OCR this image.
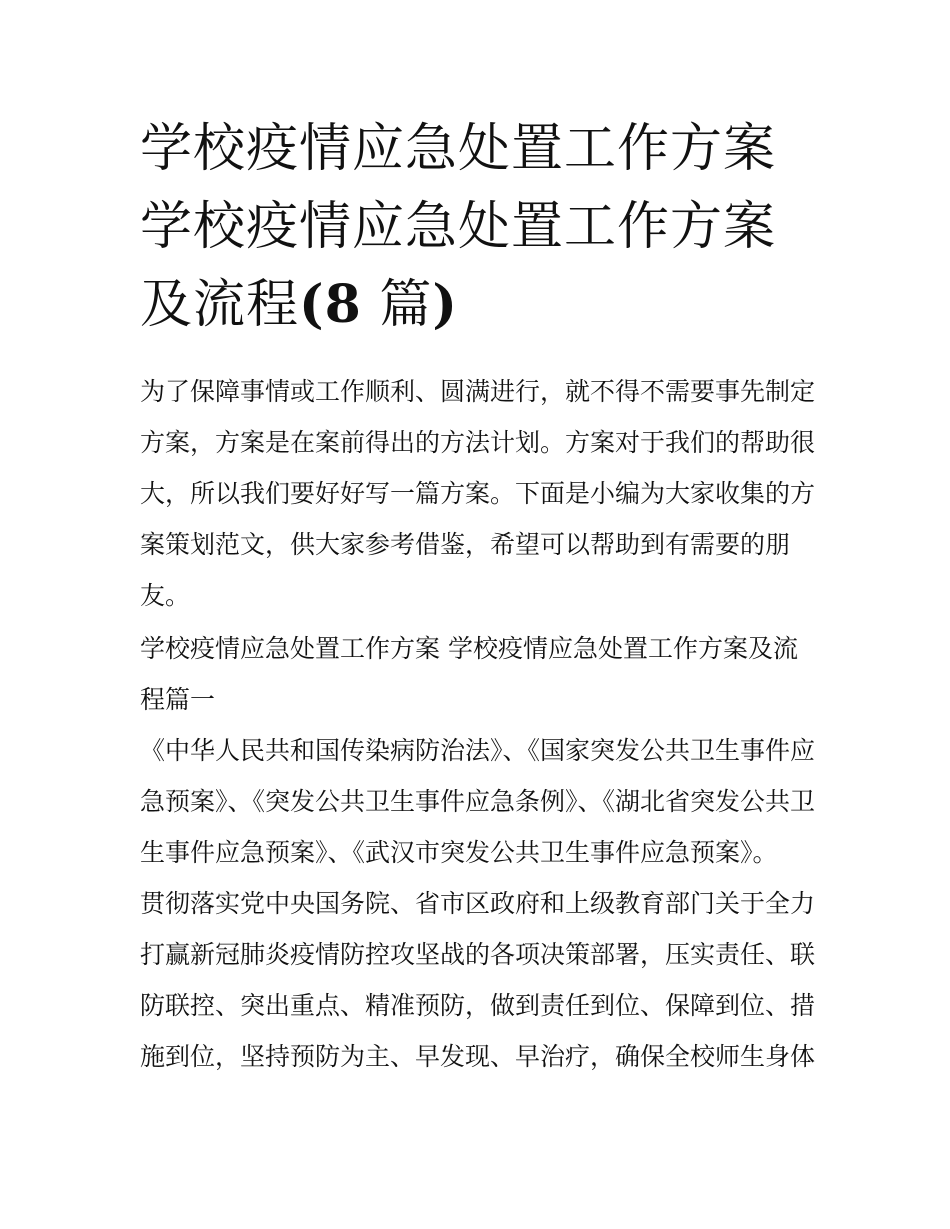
学校疫情应急处置工作方案 学校疫情应急处置工作方案及流程(8 篇)

为了保障事情或工作顺利、圆满进行，就不得不需要事先制定方案，方案是在案前得出的方法计划。方案对于我们的帮助很大，所以我们要好好写一篇方案。下面是小编为大家收集的方案策划范文，供大家参考借鉴，希望可以帮助到有需要的朋友。

学校疫情应急处置工作方案 学校疫情应急处置工作方案及流程篇一

《中华人民共和国传染病防治法》、《国家突发公共卫生事件应急预案》、《突发公共卫生事件应急条例》、《湖北省突发公共卫生事件应急预案》、《武汉市突发公共卫生事件应急预案》。

贯彻落实党中央国务院、省市区政府和上级教育部门关于全力打赢新冠肺炎疫情防控攻坚战的各项决策部署，压实责任、联防联控、突出重点、精准预防，做到责任到位、保障到位、措施到位，坚持预防为主、早发现、早治疗，确保全校师生身体
